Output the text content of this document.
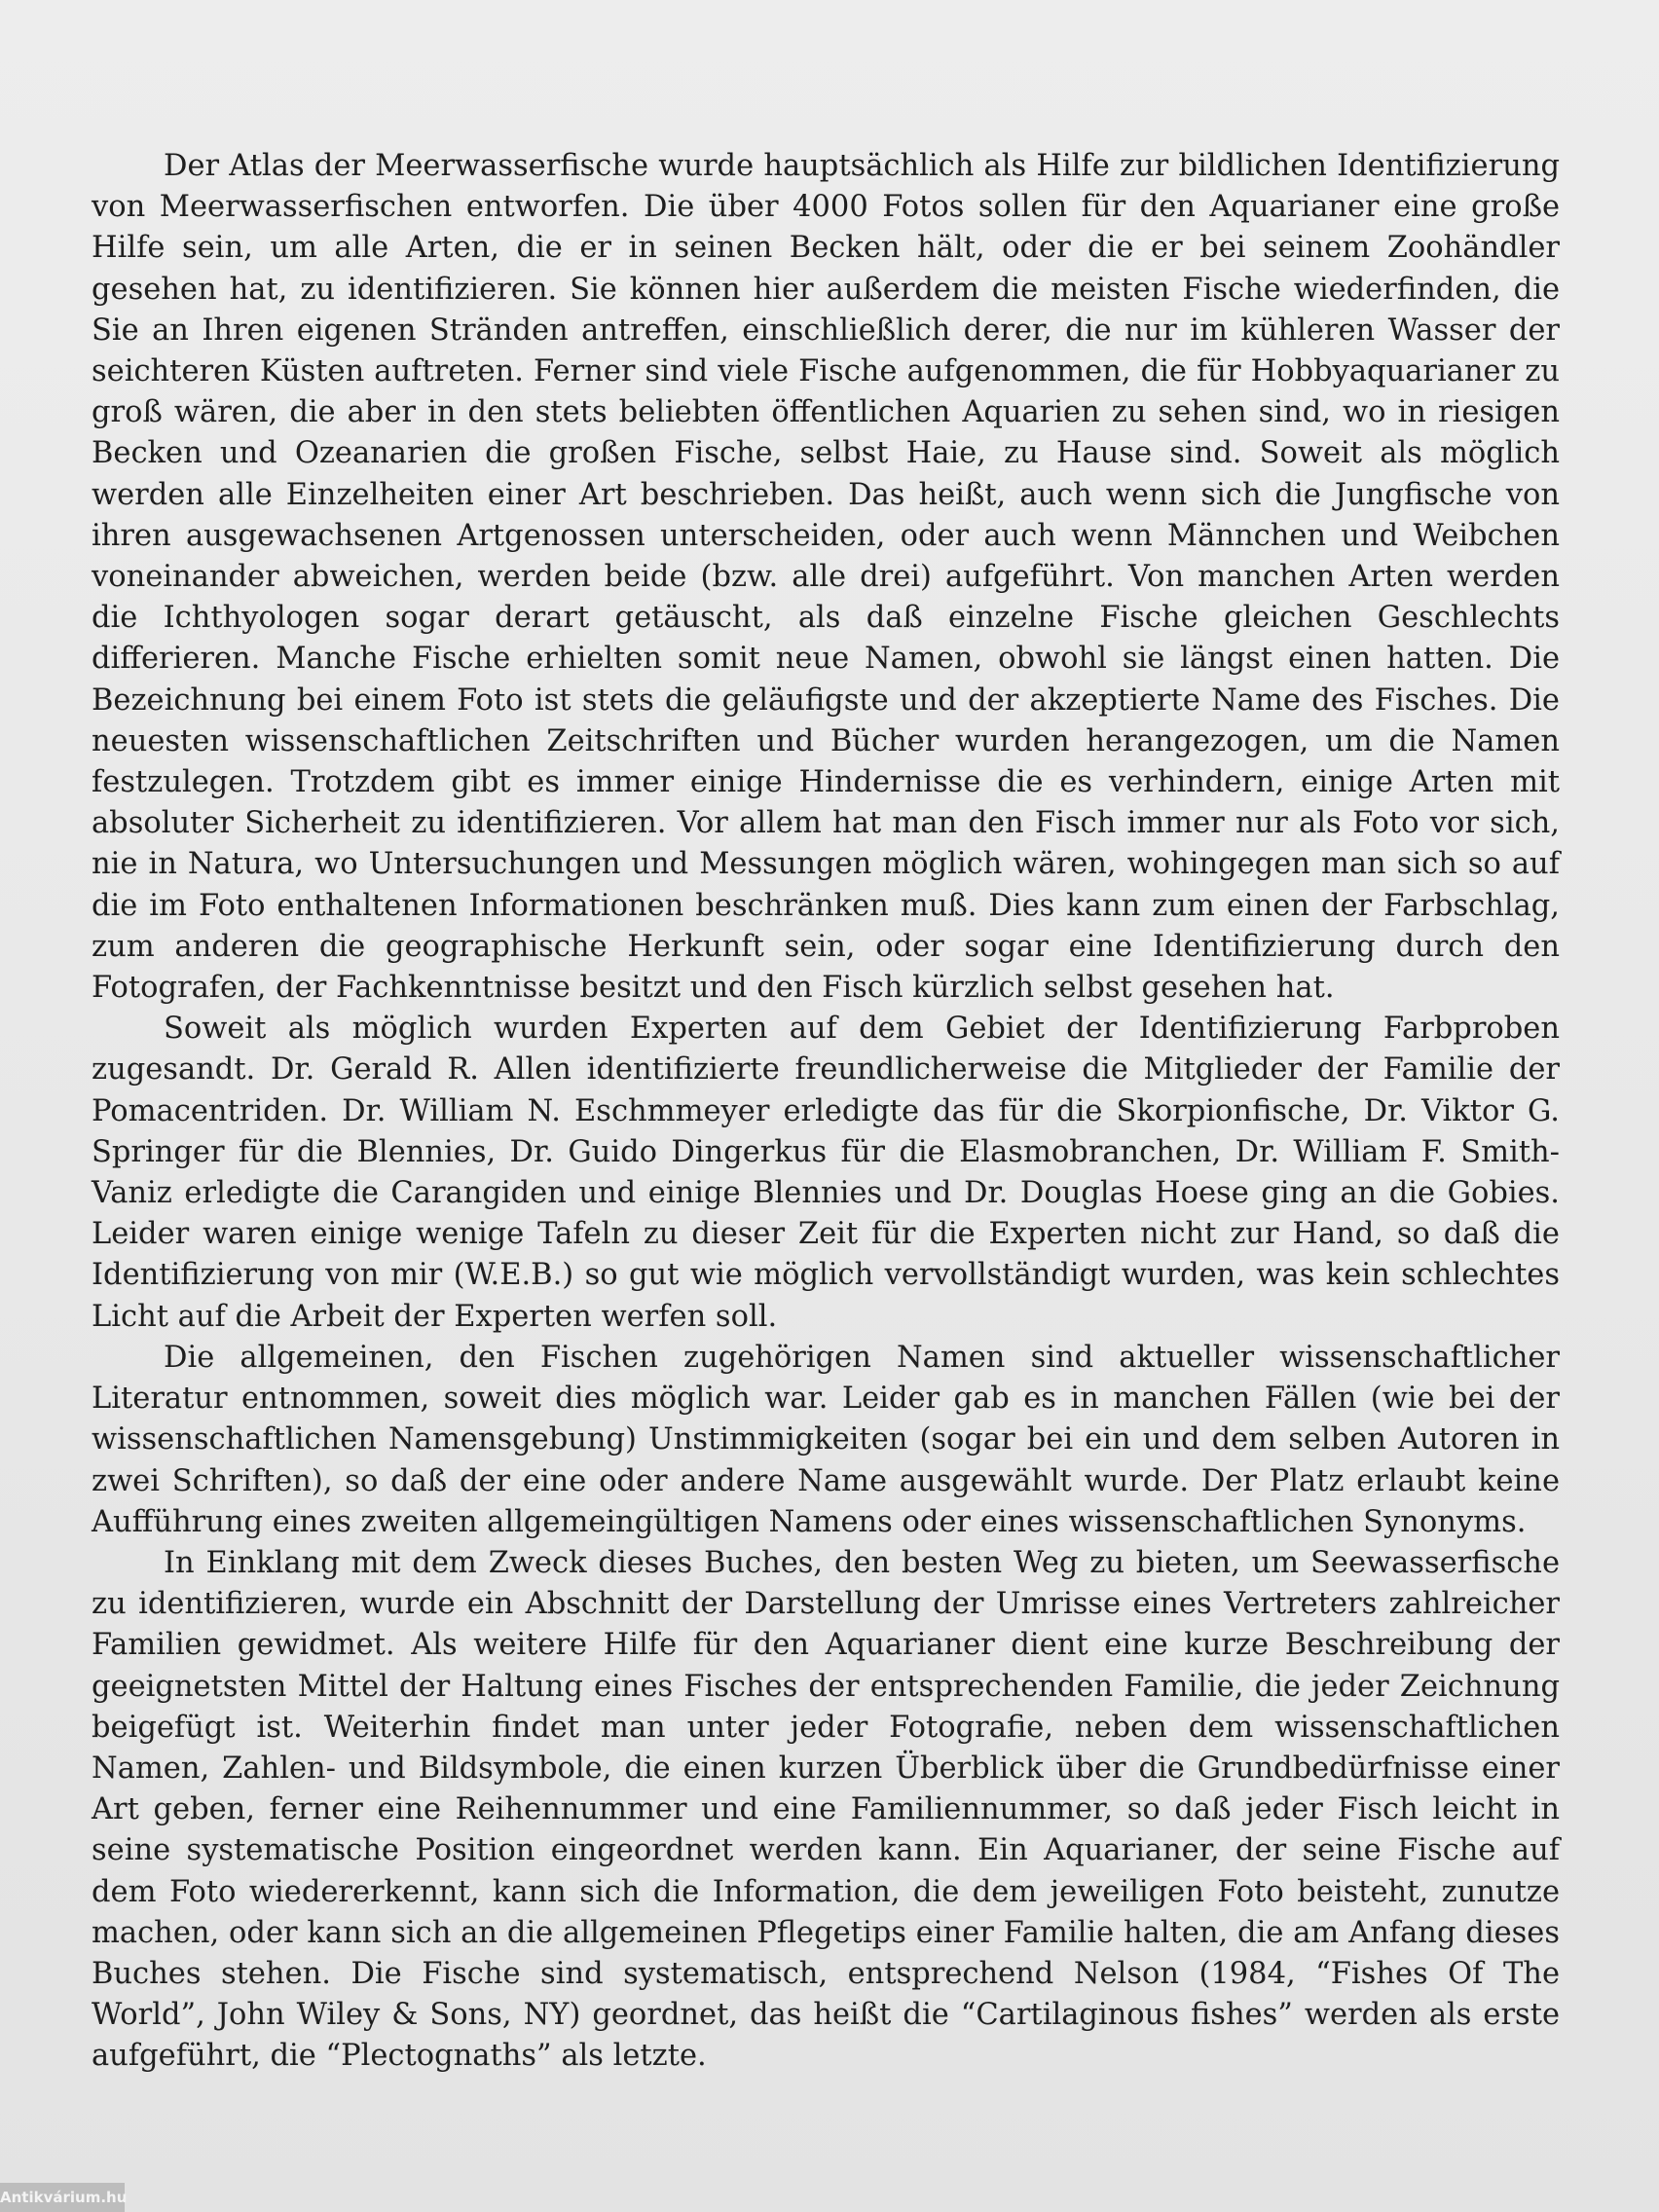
Der Atlas der Meerwasserfische wurde hauptsächlich als Hilfe zur bildlichen Identifizierung von Meerwasserfischen entworfen. Die über 4000 Fotos sollen für den Aquarianer eine große Hilfe sein, um alle Arten, die er in seinen Becken hält, oder die er bei seinem Zoohändler gesehen hat, zu identifizieren. Sie können hier außerdem die meisten Fische wiederfinden, die Sie an Ihren eigenen Stränden antreffen, einschließlich derer, die nur im kühleren Wasser der seichteren Küsten auftreten. Ferner sind viele Fische aufgenommen, die für Hobbyaquarianer zu groß wären, die aber in den stets beliebten öffentlichen Aquarien zu sehen sind, wo in riesigen Becken und Ozeanarien die großen Fische, selbst Haie, zu Hause sind. Soweit als möglich werden alle Einzelheiten einer Art beschrieben. Das heißt, auch wenn sich die Jungfische von ihren ausgewachsenen Artgenossen unterscheiden, oder auch wenn Männchen und Weibchen voneinander abweichen, werden beide (bzw. alle drei) aufgeführt. Von manchen Arten werden die Ichthyologen sogar derart getäuscht, als daß einzelne Fische gleichen Geschlechts differieren. Manche Fische erhielten somit neue Namen, obwohl sie längst einen hatten. Die Bezeichnung bei einem Foto ist stets die geläufigste und der akzeptierte Name des Fisches. Die neuesten wissenschaftlichen Zeitschriften und Bücher wurden herangezogen, um die Namen festzulegen. Trotzdem gibt es immer einige Hindernisse die es verhindern, einige Arten mit absoluter Sicherheit zu identifizieren. Vor allem hat man den Fisch immer nur als Foto vor sich, nie in Natura, wo Untersuchungen und Messungen möglich wären, wohingegen man sich so auf die im Foto enthaltenen Informationen beschränken muß. Dies kann zum einen der Farbschlag, zum anderen die geographische Herkunft sein, oder sogar eine Identifizierung durch den Fotografen, der Fachkenntnisse besitzt und den Fisch kürzlich selbst gesehen hat.

Soweit als möglich wurden Experten auf dem Gebiet der Identifizierung Farbproben zugesandt. Dr. Gerald R. Allen identifizierte freundlicherweise die Mitglieder der Familie der Pomacentriden. Dr. William N. Eschmmeyer erledigte das für die Skorpionfische, Dr. Viktor G. Springer für die Blennies, Dr. Guido Dingerkus für die Elasmobranchen, Dr. William F. Smith-Vaniz erledigte die Carangiden und einige Blennies und Dr. Douglas Hoese ging an die Gobies. Leider waren einige wenige Tafeln zu dieser Zeit für die Experten nicht zur Hand, so daß die Identifizierung von mir (W.E.B.) so gut wie möglich vervollständigt wurden, was kein schlechtes Licht auf die Arbeit der Experten werfen soll.

Die allgemeinen, den Fischen zugehörigen Namen sind aktueller wissenschaftlicher Literatur entnommen, soweit dies möglich war. Leider gab es in manchen Fällen (wie bei der wissenschaftlichen Namensgebung) Unstimmigkeiten (sogar bei ein und dem selben Autoren in zwei Schriften), so daß der eine oder andere Name ausgewählt wurde. Der Platz erlaubt keine Aufführung eines zweiten allgemeingültigen Namens oder eines wissenschaftlichen Synonyms.

In Einklang mit dem Zweck dieses Buches, den besten Weg zu bieten, um Seewasserfische zu identifizieren, wurde ein Abschnitt der Darstellung der Umrisse eines Vertreters zahlreicher Familien gewidmet. Als weitere Hilfe für den Aquarianer dient eine kurze Beschreibung der geeignetsten Mittel der Haltung eines Fisches der entsprechenden Familie, die jeder Zeichnung beigefügt ist. Weiterhin findet man unter jeder Fotografie, neben dem wissenschaftlichen Namen, Zahlen- und Bildsymbole, die einen kurzen Überblick über die Grundbedürfnisse einer Art geben, ferner eine Reihennummer und eine Familiennummer, so daß jeder Fisch leicht in seine systematische Position eingeordnet werden kann. Ein Aquarianer, der seine Fische auf dem Foto wiedererkennt, kann sich die Information, die dem jeweiligen Foto beisteht, zunutze machen, oder kann sich an die allgemeinen Pflegetips einer Familie halten, die am Anfang dieses Buches stehen. Die Fische sind systematisch, entsprechend Nelson (1984, “Fishes Of The World”, John Wiley & Sons, NY) geordnet, das heißt die “Cartilaginous fishes” werden als erste aufgeführt, die “Plectognaths” als letzte.

Antikvárium.hu
